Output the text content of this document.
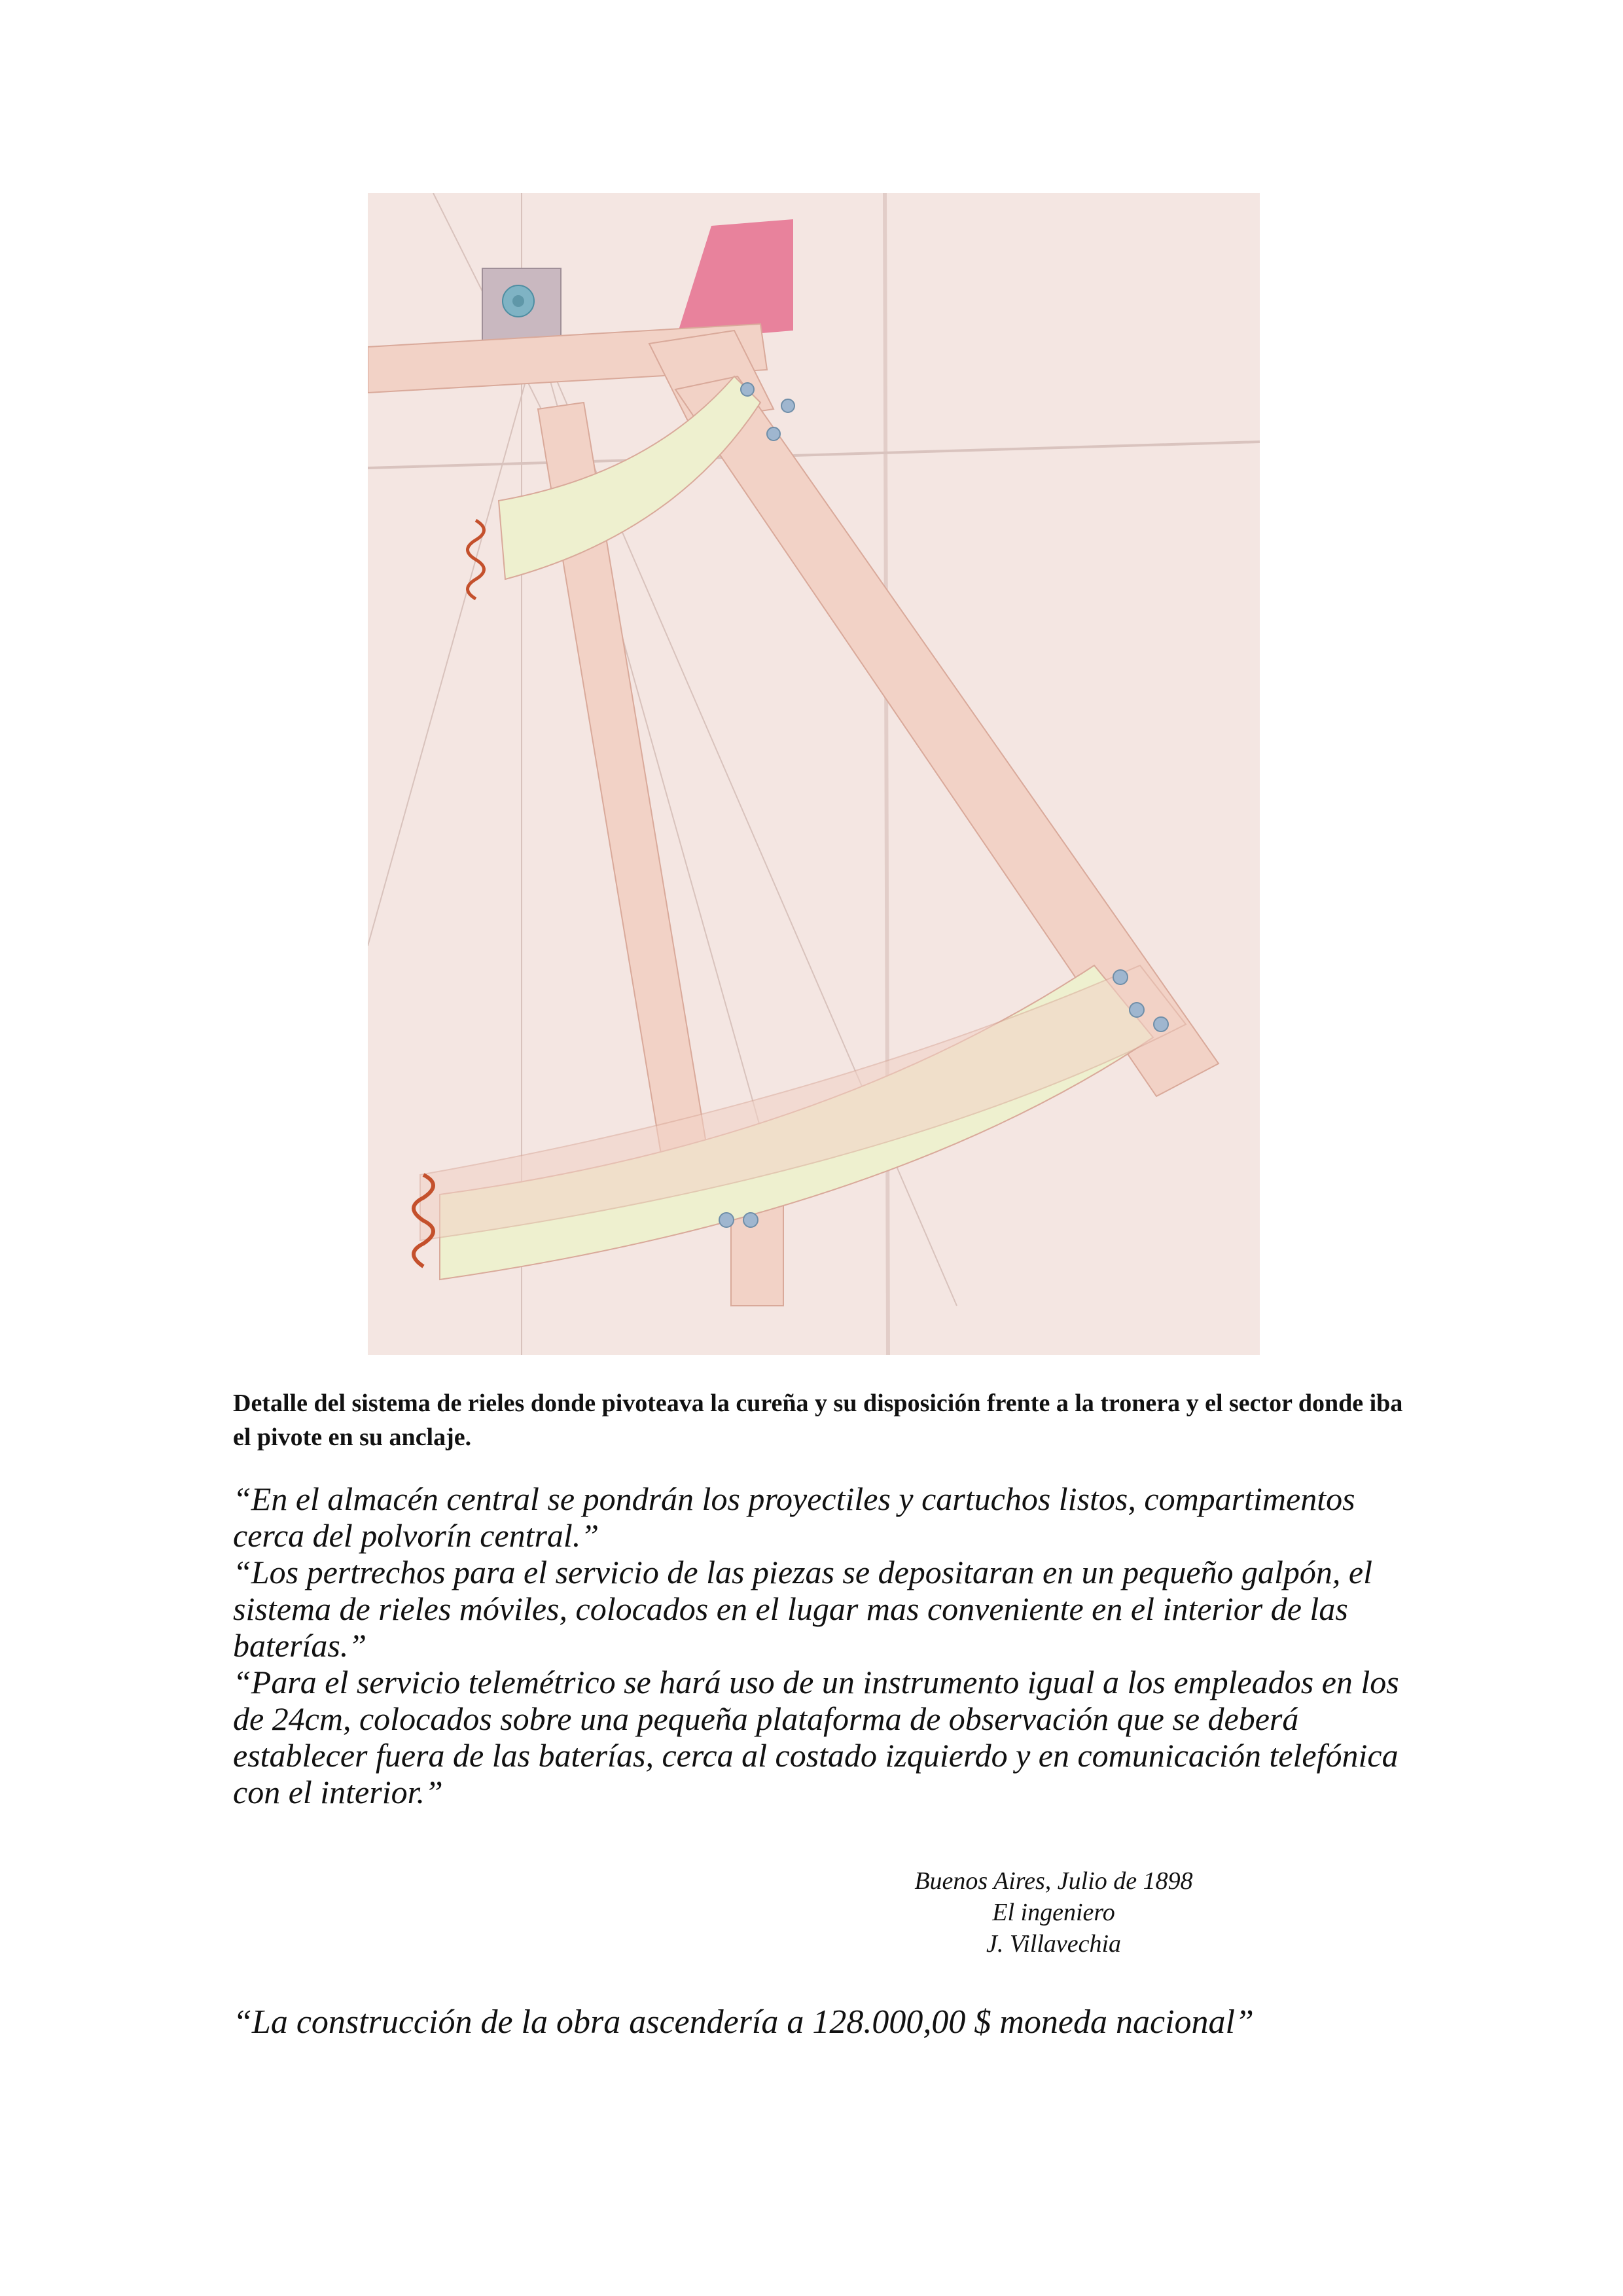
Detalle del sistema de rieles donde pivoteava la cureña y su disposición frente a la tronera y el sector donde iba el pivote en su anclaje.

“En el almacén central se pondrán los proyectiles y cartuchos listos, compartimentos cerca del polvorín central.”

“Los pertrechos para el servicio de las piezas se depositaran en un pequeño galpón, el sistema de rieles móviles, colocados en el lugar mas conveniente en el interior de las baterías.”

“Para el servicio telemétrico se hará uso de un instrumento igual a los empleados en los de 24cm, colocados sobre una pequeña plataforma de observación que se deberá establecer fuera de las baterías, cerca al costado izquierdo y en comunicación telefónica con el interior.”

Buenos Aires, Julio de 1898
El ingeniero
J. Villavechia
“La construcción de la obra ascendería a 128.000,00 $ moneda nacional”
